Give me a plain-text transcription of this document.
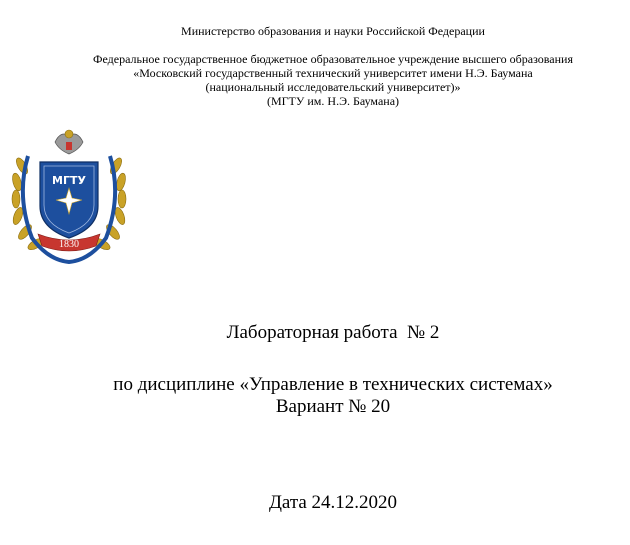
Министерство образования и науки Российской Федерации
Федеральное государственное бюджетное образовательное учреждение высшего образования
«Московский государственный технический университет имени Н.Э. Баумана
(национальный исследовательский университет)»
(МГТУ им. Н.Э. Баумана)
МГТУ
1830
Лабораторная работа  № 2
по дисциплине «Управление в технических системах»
Вариант № 20
Дата 24.12.2020
